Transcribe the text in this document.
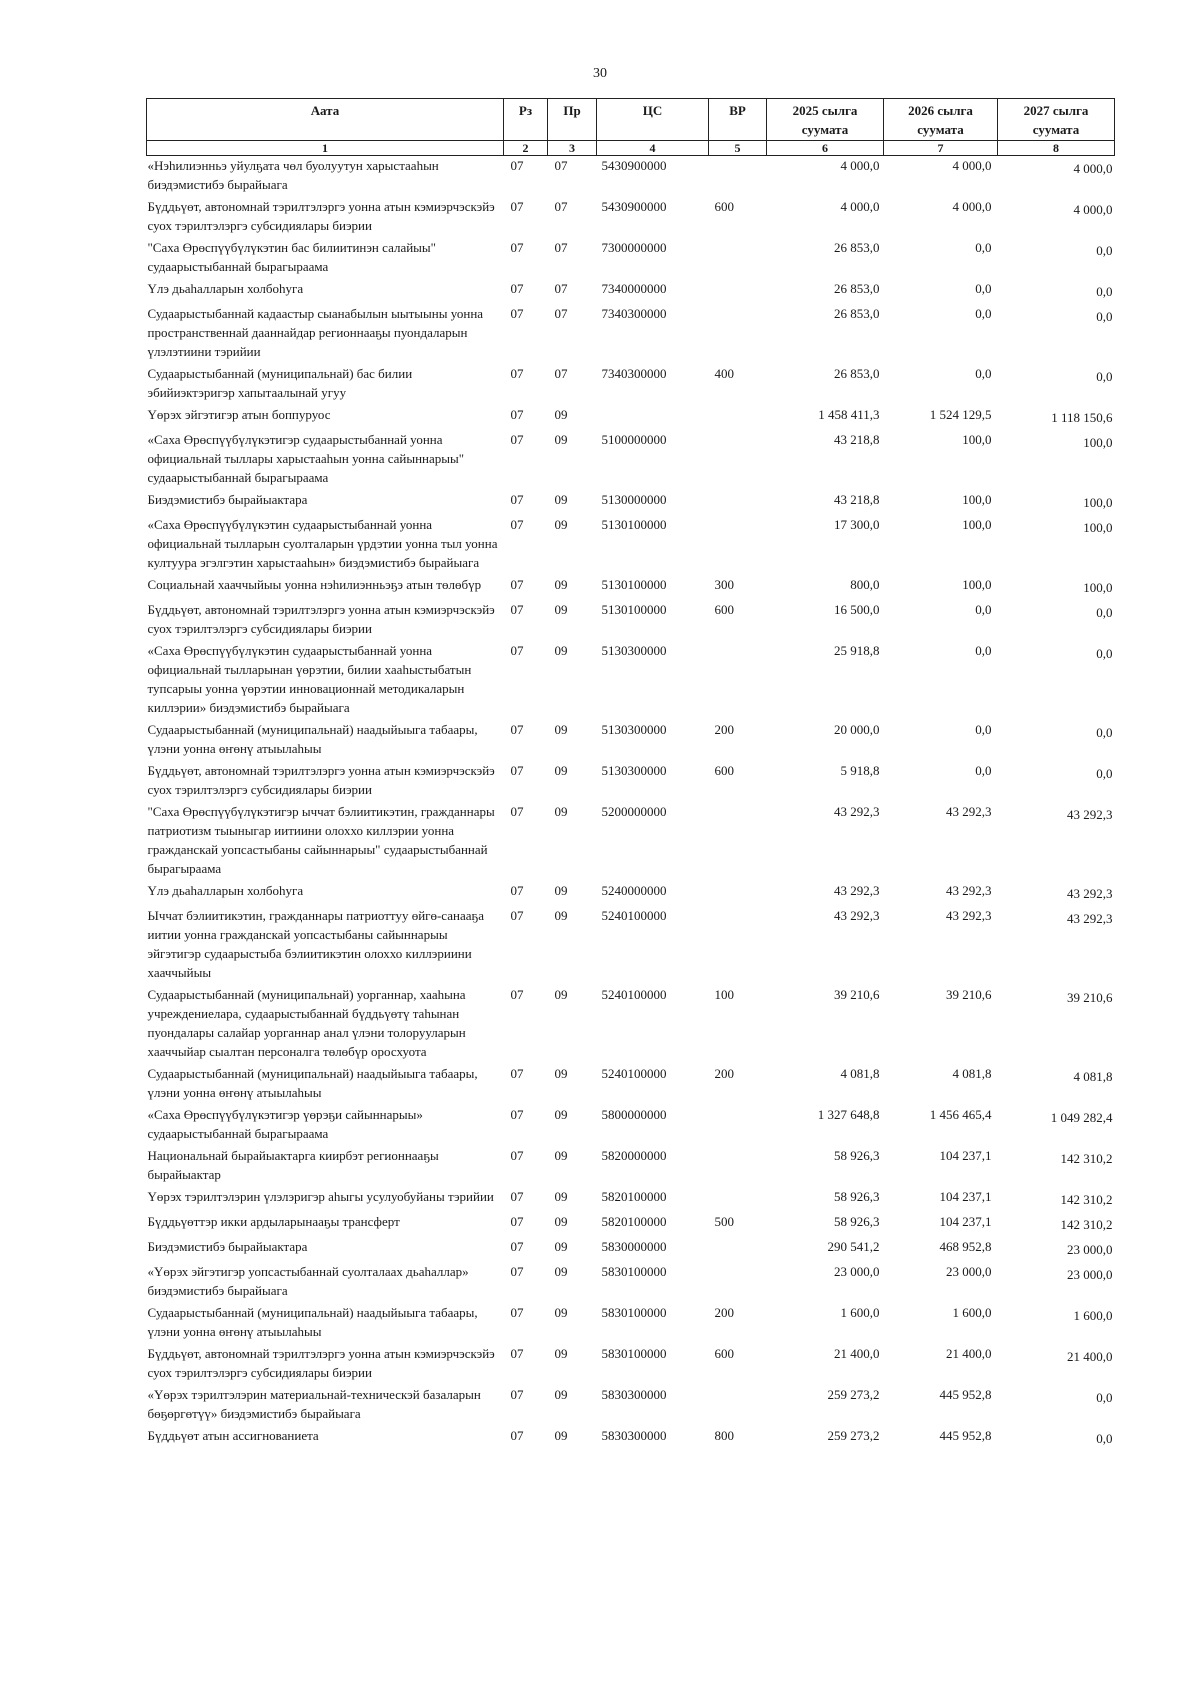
30
Аата	Рз	Пр	ЦС	ВР	2025 сылга суумата	2026 сылга суумата	2027 сылга суумата
1	2	3	4	5	6	7	8
«Нэһилиэнньэ уйулҕата чөл буолуутун харыстааһын биэдэмистибэ бырайыага	07	07	5430900000		4 000,0	4 000,0	4 000,0
Бүддьүөт, автономнай тэрилтэлэргэ уонна атын кэмиэрчэскэйэ суох тэрилтэлэргэ субсидиялары биэрии	07	07	5430900000	600	4 000,0	4 000,0	4 000,0
"Саха Өрөспүүбүлүкэтин бас билиитинэн салайыы" судаарыстыбаннай бырагыраама	07	07	7300000000		26 853,0	0,0	0,0
Үлэ дьаһалларын холбоһуга	07	07	7340000000		26 853,0	0,0	0,0
Судаарыстыбаннай кадаастыр сыанабылын ыытыыны уонна пространственнай дааннайдар регионнааҕы пуондаларын үлэлэтиини тэрийии	07	07	7340300000		26 853,0	0,0	0,0
Судаарыстыбаннай (муниципальнай) бас билии эбийиэктэригэр хапытаалынай угуу	07	07	7340300000	400	26 853,0	0,0	0,0
Үөрэх эйгэтигэр атын боппуруос	07	09			1 458 411,3	1 524 129,5	1 118 150,6
«Саха Өрөспүүбүлүкэтигэр судаарыстыбаннай уонна официальнай тыллары харыстааһын уонна сайыннарыы" судаарыстыбаннай бырагыраама	07	09	5100000000		43 218,8	100,0	100,0
Биэдэмистибэ бырайыактара	07	09	5130000000		43 218,8	100,0	100,0
«Саха Өрөспүүбүлүкэтин судаарыстыбаннай уонна официальнай тылларын суолталарын үрдэтии уонна тыл уонна култуура эгэлгэтин харыстааһын» биэдэмистибэ бырайыага	07	09	5130100000		17 300,0	100,0	100,0
Социальнай хааччыйыы уонна нэһилиэнньэҕэ атын төлөбүр	07	09	5130100000	300	800,0	100,0	100,0
Бүддьүөт, автономнай тэрилтэлэргэ уонна атын кэмиэрчэскэйэ суох тэрилтэлэргэ субсидиялары биэрии	07	09	5130100000	600	16 500,0	0,0	0,0
«Саха Өрөспүүбүлүкэтин судаарыстыбаннай уонна официальнай тылларынан үөрэтии, билии хааһыстыбатын тупсарыы уонна үөрэтии инновационнай методикаларын киллэрии» биэдэмистибэ бырайыага	07	09	5130300000		25 918,8	0,0	0,0
Судаарыстыбаннай (муниципальнай) наадыйыыга табаары, үлэни уонна өҥөнү атыылаһыы	07	09	5130300000	200	20 000,0	0,0	0,0
Бүддьүөт, автономнай тэрилтэлэргэ уонна атын кэмиэрчэскэйэ суох тэрилтэлэргэ субсидиялары биэрии	07	09	5130300000	600	5 918,8	0,0	0,0
"Саха Өрөспүүбүлүкэтигэр ыччат бэлиитикэтин, гражданнары патриотизм тыыныгар иитиини олоххо киллэрии уонна гражданскай уопсастыбаны сайыннарыы" судаарыстыбаннай бырагыраама	07	09	5200000000		43 292,3	43 292,3	43 292,3
Үлэ дьаһалларын холбоһуга	07	09	5240000000		43 292,3	43 292,3	43 292,3
Ыччат бэлиитикэтин, гражданнары патриоттуу өйгө-санааҕа иитии уонна гражданскай уопсастыбаны сайыннарыы эйгэтигэр судаарыстыба бэлиитикэтин олоххо киллэриини хааччыйыы	07	09	5240100000		43 292,3	43 292,3	43 292,3
Судаарыстыбаннай (муниципальнай) уорганнар, хааһына учреждениелара, судаарыстыбаннай бүддьүөтү таһынан пуондалары салайар уорганнар анал үлэни толорууларын хааччыйар сыалтан персоналга төлөбүр оросхуота	07	09	5240100000	100	39 210,6	39 210,6	39 210,6
Судаарыстыбаннай (муниципальнай) наадыйыыга табаары, үлэни уонна өҥөнү атыылаһыы	07	09	5240100000	200	4 081,8	4 081,8	4 081,8
«Саха Өрөспүүбүлүкэтигэр үөрэҕи сайыннарыы» судаарыстыбаннай бырагыраама	07	09	5800000000		1 327 648,8	1 456 465,4	1 049 282,4
Национальнай бырайыактарга киирбэт регионнааҕы бырайыактар	07	09	5820000000		58 926,3	104 237,1	142 310,2
Үөрэх тэрилтэлэрин үлэлэригэр аһыгы усулуобуйаны тэрийии	07	09	5820100000		58 926,3	104 237,1	142 310,2
Бүддьүөттэр икки ардыларынааҕы трансферт	07	09	5820100000	500	58 926,3	104 237,1	142 310,2
Биэдэмистибэ бырайыактара	07	09	5830000000		290 541,2	468 952,8	23 000,0
«Үөрэх эйгэтигэр уопсастыбаннай суолталаах дьаһаллар» биэдэмистибэ бырайыага	07	09	5830100000		23 000,0	23 000,0	23 000,0
Судаарыстыбаннай (муниципальнай) наадыйыыга табаары, үлэни уонна өҥөнү атыылаһыы	07	09	5830100000	200	1 600,0	1 600,0	1 600,0
Бүддьүөт, автономнай тэрилтэлэргэ уонна атын кэмиэрчэскэйэ суох тэрилтэлэргэ субсидиялары биэрии	07	09	5830100000	600	21 400,0	21 400,0	21 400,0
«Үөрэх тэрилтэлэрин материальнай-техническэй базаларын бөҕөргөтүү» биэдэмистибэ бырайыага	07	09	5830300000		259 273,2	445 952,8	0,0
Бүддьүөт атын ассигнованиета	07	09	5830300000	800	259 273,2	445 952,8	0,0
